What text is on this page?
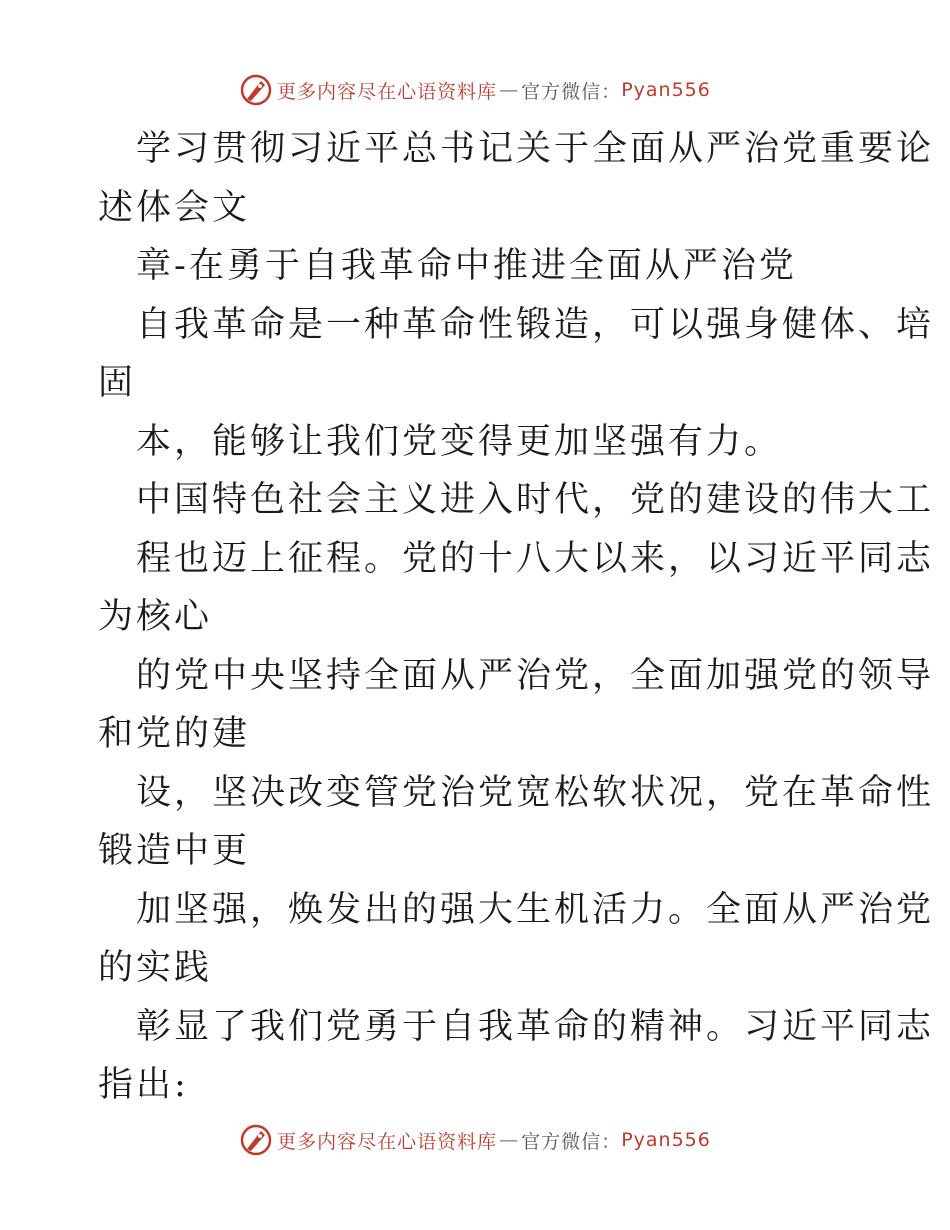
更多内容尽在心语资料库 — 官方微信： Pyan556
学习贯彻习近平总书记关于全面从严治党重要论
述体会文
章-在勇于自我革命中推进全面从严治党
自我革命是一种革命性锻造，可以强身健体、培
固
本，能够让我们党变得更加坚强有力。
中国特色社会主义进入时代，党的建设的伟大工
程也迈上征程。党的十八大以来，以习近平同志
为核心
的党中央坚持全面从严治党，全面加强党的领导
和党的建
设，坚决改变管党治党宽松软状况，党在革命性
锻造中更
加坚强，焕发出的强大生机活力。全面从严治党
的实践
彰显了我们党勇于自我革命的精神。习近平同志
指出:
更多内容尽在心语资料库 — 官方微信： Pyan556
